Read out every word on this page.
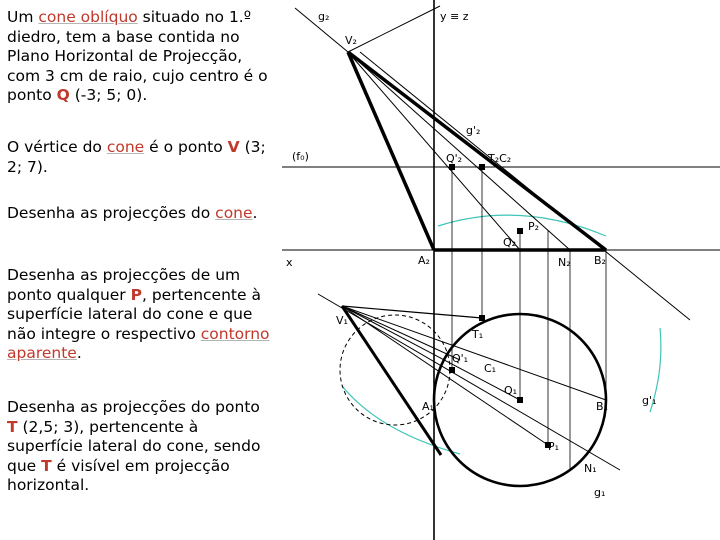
Um cone oblíquo situado no 1.º diedro, tem a base contida no Plano Horizontal de Projecção, com 3 cm de raio, cujo centro é o ponto Q (-3; 5; 0).
O vértice do cone é o ponto V (3; 2; 7).
Desenha as projecções do cone.
Desenha as projecções de um ponto qualquer P, pertencente à superfície lateral do cone e que não integre o respectivo contorno aparente.
Desenha as projecções do ponto T (2,5; 3), pertencente à superfície lateral do cone, sendo que T é visível em projecção horizontal.
g₂	y ≡ z
V₂
g'₂
(f₀)	Q'₂ T₂C₂
P₂
Q₂
A₂	N₂ B₂
x
V₁
T₁
Q'₁
C₁
Q₁
A₁	B₁	g'₁
P₁
N₁
g₁
